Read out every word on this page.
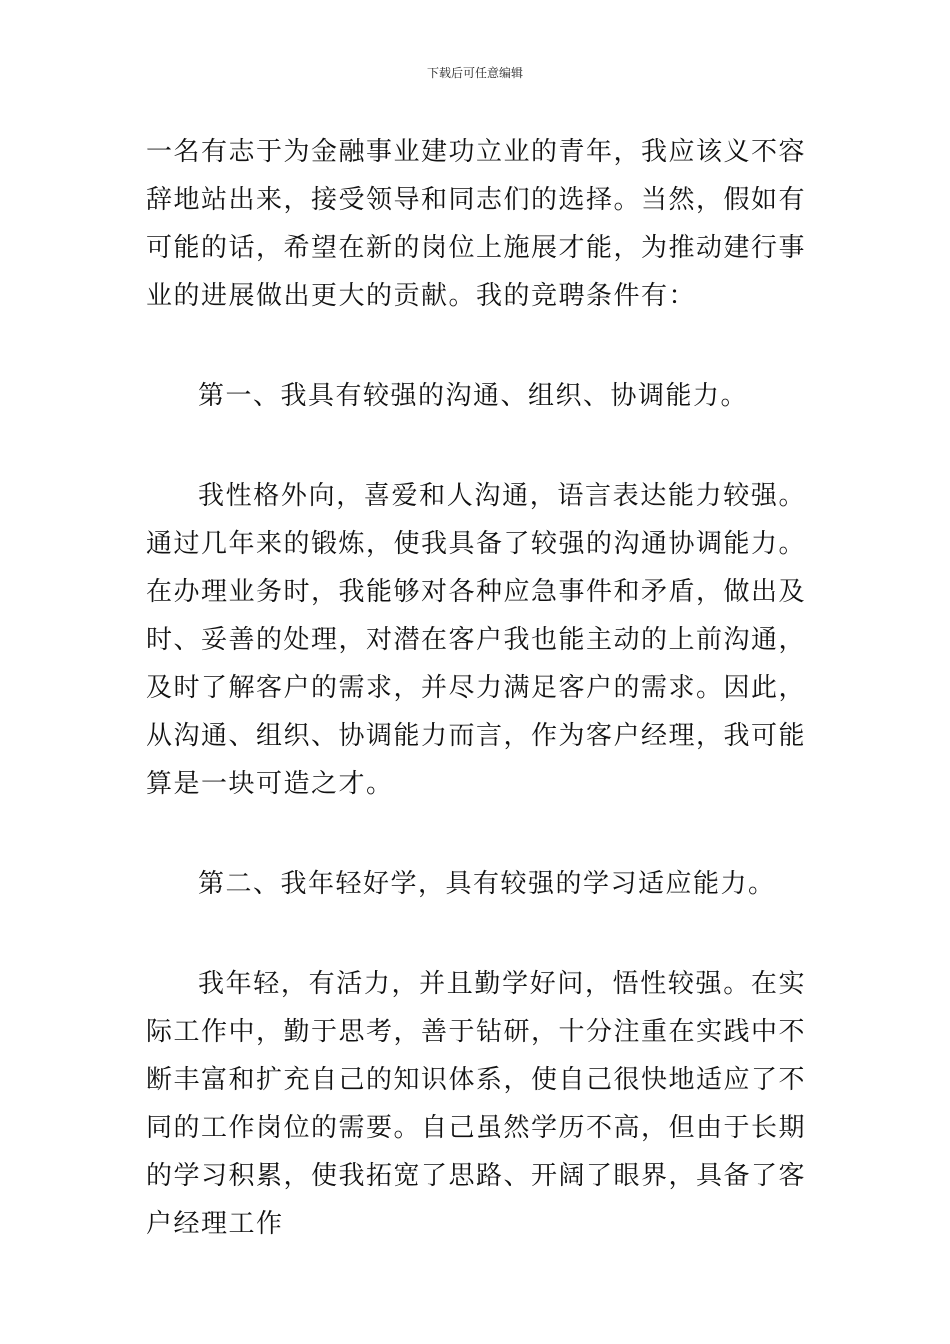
下载后可任意编辑

一名有志于为金融事业建功立业的青年，我应该义不容辞地站出来，接受领导和同志们的选择。当然，假如有可能的话，希望在新的岗位上施展才能，为推动建行事业的进展做出更大的贡献。我的竞聘条件有：

第一、我具有较强的沟通、组织、协调能力。

我性格外向，喜爱和人沟通，语言表达能力较强。通过几年来的锻炼，使我具备了较强的沟通协调能力。在办理业务时，我能够对各种应急事件和矛盾，做出及时、妥善的处理，对潜在客户我也能主动的上前沟通，及时了解客户的需求，并尽力满足客户的需求。因此，从沟通、组织、协调能力而言，作为客户经理，我可能算是一块可造之才。

第二、我年轻好学，具有较强的学习适应能力。

我年轻，有活力，并且勤学好问，悟性较强。在实际工作中，勤于思考，善于钻研，十分注重在实践中不断丰富和扩充自己的知识体系，使自己很快地适应了不同的工作岗位的需要。自己虽然学历不高，但由于长期的学习积累，使我拓宽了思路、开阔了眼界，具备了客户经理工作
